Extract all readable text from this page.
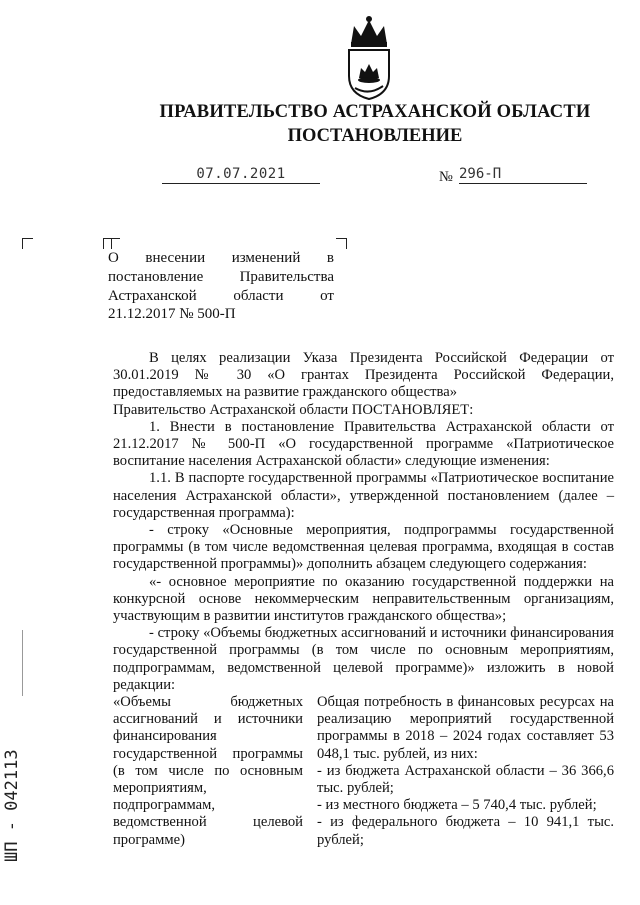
ПРАВИТЕЛЬСТВО АСТРАХАНСКОЙ ОБЛАСТИ
ПОСТАНОВЛЕНИЕ
07.07.2021	№ 296-П
О внесении изменений в постановление Правительства Астраханской области от 21.12.2017 № 500-П

В целях реализации Указа Президента Российской Федерации от 30.01.2019 № 30 «О грантах Президента Российской Федерации, предоставляемых на развитие гражданского общества»

Правительство Астраханской области ПОСТАНОВЛЯЕТ:

1. Внести в постановление Правительства Астраханской области от 21.12.2017 № 500-П «О государственной программе «Патриотическое воспитание населения Астраханской области» следующие изменения:

1.1. В паспорте государственной программы «Патриотическое воспитание населения Астраханской области», утвержденной постановлением (далее – государственная программа):

- строку «Основные мероприятия, подпрограммы государственной программы (в том числе ведомственная целевая программа, входящая в состав государственной программы)» дополнить абзацем следующего содержания:

«- основное мероприятие по оказанию государственной поддержки на конкурсной основе некоммерческим неправительственным организациям, участвующим в развитии институтов гражданского общества»;

- строку «Объемы бюджетных ассигнований и источники финансирования государственной программы (в том числе по основным мероприятиям, подпрограммам, ведомственной целевой программе)» изложить в новой редакции:

«Объемы бюджетных ассигнований и источники финансирования государственной программы (в том числе по основным мероприятиям, подпрограммам, ведомственной целевой программе)

Общая потребность в финансовых ресурсах на реализацию мероприятий государственной программы в 2018 – 2024 годах составляет 53 048,1 тыс. рублей, из них:

- из бюджета Астраханской области – 36 366,6 тыс. рублей;

- из местного бюджета – 5 740,4 тыс. рублей;

- из федерального бюджета – 10 941,1 тыс. рублей;

ШП - 042113
